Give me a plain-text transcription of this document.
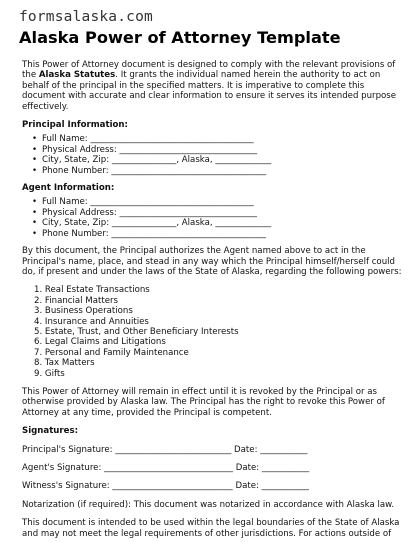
formsalaska.com
Alaska Power of Attorney Template

This Power of Attorney document is designed to comply with the relevant provisions of the Alaska Statutes. It grants the individual named herein the authority to act on behalf of the principal in the specified matters. It is imperative to complete this document with accurate and clear information to ensure it serves its intended purpose effectively.

Principal Information:

• Full Name: ______________________________________
• Physical Address: ________________________________
• City, State, Zip: _______________, Alaska, _____________
• Phone Number: ____________________________________

Agent Information:

• Full Name: ______________________________________
• Physical Address: ________________________________
• City, State, Zip: _______________, Alaska, _____________
• Phone Number: ____________________________________

By this document, the Principal authorizes the Agent named above to act in the Principal's name, place, and stead in any way which the Principal himself/herself could do, if present and under the laws of the State of Alaska, regarding the following powers:

1. Real Estate Transactions
2. Financial Matters
3. Business Operations
4. Insurance and Annuities
5. Estate, Trust, and Other Beneficiary Interests
6. Legal Claims and Litigations
7. Personal and Family Maintenance
8. Tax Matters
9. Gifts

This Power of Attorney will remain in effect until it is revoked by the Principal or as otherwise provided by Alaska law. The Principal has the right to revoke this Power of Attorney at any time, provided the Principal is competent.

Signatures:

Principal's Signature: ___________________________ Date: ___________

Agent's Signature: ______________________________ Date: ___________

Witness's Signature: ____________________________ Date: ___________

Notarization (if required): This document was notarized in accordance with Alaska law.

This document is intended to be used within the legal boundaries of the State of Alaska and may not meet the legal requirements of other jurisdictions. For actions outside of
